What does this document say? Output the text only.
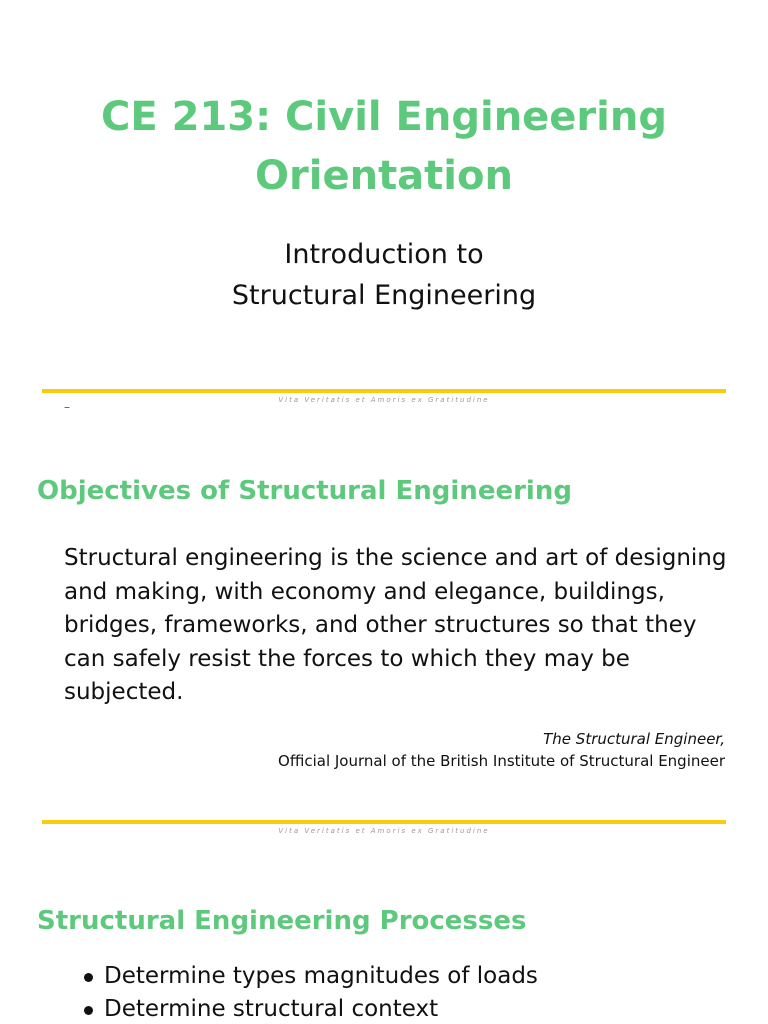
CE 213: Civil Engineering
Orientation
Introduction to
Structural Engineering
Vita Veritatis et Amoris ex Gratitudine
–
Objectives of Structural Engineering

Structural engineering is the science and art of designing and making, with economy and elegance, buildings, bridges, frameworks, and other structures so that they can safely resist the forces to which they may be subjected.

The Structural Engineer,
Official Journal of the British Institute of Structural Engineer
Vita Veritatis et Amoris ex Gratitudine
Structural Engineering Processes
Determine types magnitudes of loads
Determine structural context
